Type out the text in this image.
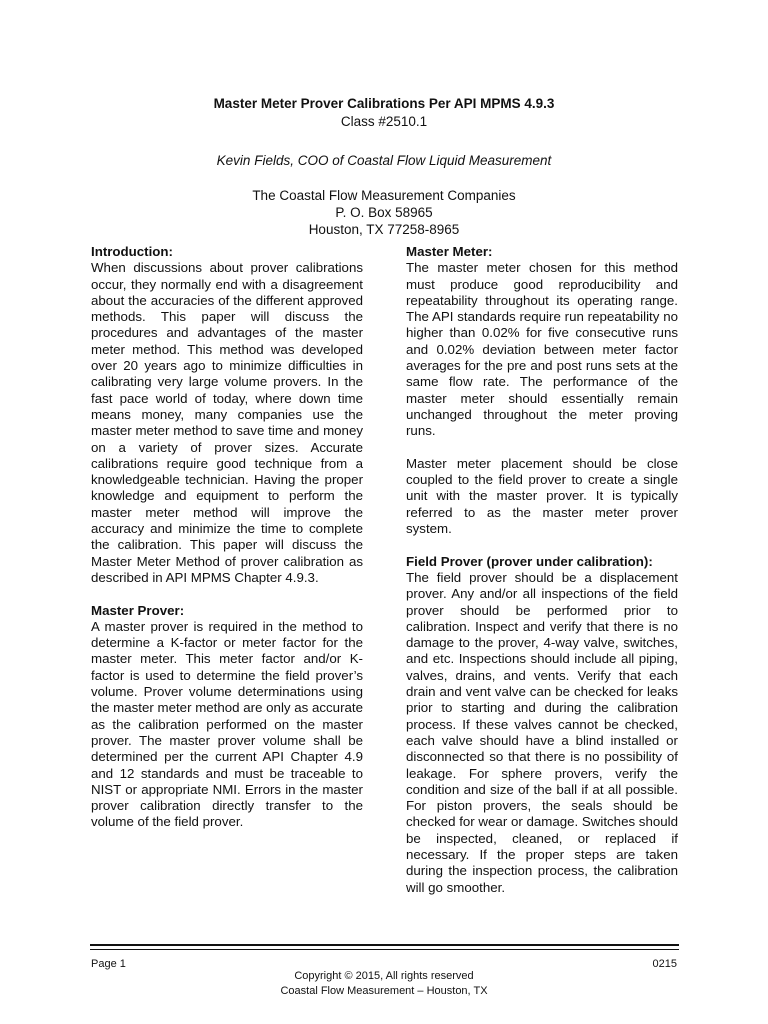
Master Meter Prover Calibrations Per API MPMS 4.9.3

Class #2510.1

Kevin Fields, COO of Coastal Flow Liquid Measurement
The Coastal Flow Measurement Companies
P. O. Box 58965
Houston, TX 77258-8965
Introduction:

When discussions about prover calibrations occur, they normally end with a disagreement about the accuracies of the different approved methods. This paper will discuss the procedures and advantages of the master meter method. This method was developed over 20 years ago to minimize difficulties in calibrating very large volume provers. In the fast pace world of today, where down time means money, many companies use the master meter method to save time and money on a variety of prover sizes. Accurate calibrations require good technique from a knowledgeable technician. Having the proper knowledge and equipment to perform the master meter method will improve the accuracy and minimize the time to complete the calibration. This paper will discuss the Master Meter Method of prover calibration as described in API MPMS Chapter 4.9.3.

Master Prover:

A master prover is required in the method to determine a K-factor or meter factor for the master meter. This meter factor and/or K-factor is used to determine the field prover’s volume. Prover volume determinations using the master meter method are only as accurate as the calibration performed on the master prover. The master prover volume shall be determined per the current API Chapter 4.9 and 12 standards and must be traceable to NIST or appropriate NMI. Errors in the master prover calibration directly transfer to the volume of the field prover.

Master Meter:

The master meter chosen for this method must produce good reproducibility and repeatability throughout its operating range. The API standards require run repeatability no higher than 0.02% for five consecutive runs and 0.02% deviation between meter factor averages for the pre and post runs sets at the same flow rate. The performance of the master meter should essentially remain unchanged throughout the meter proving runs.

Master meter placement should be close coupled to the field prover to create a single unit with the master prover. It is typically referred to as the master meter prover system.

Field Prover (prover under calibration):

The field prover should be a displacement prover. Any and/or all inspections of the field prover should be performed prior to calibration. Inspect and verify that there is no damage to the prover, 4-way valve, switches, and etc. Inspections should include all piping, valves, drains, and vents. Verify that each drain and vent valve can be checked for leaks prior to starting and during the calibration process. If these valves cannot be checked, each valve should have a blind installed or disconnected so that there is no possibility of leakage. For sphere provers, verify the condition and size of the ball if at all possible. For piston provers, the seals should be checked for wear or damage. Switches should be inspected, cleaned, or replaced if necessary. If the proper steps are taken during the inspection process, the calibration will go smoother.

Page 1	0215
Copyright © 2015, All rights reserved
Coastal Flow Measurement – Houston, TX
